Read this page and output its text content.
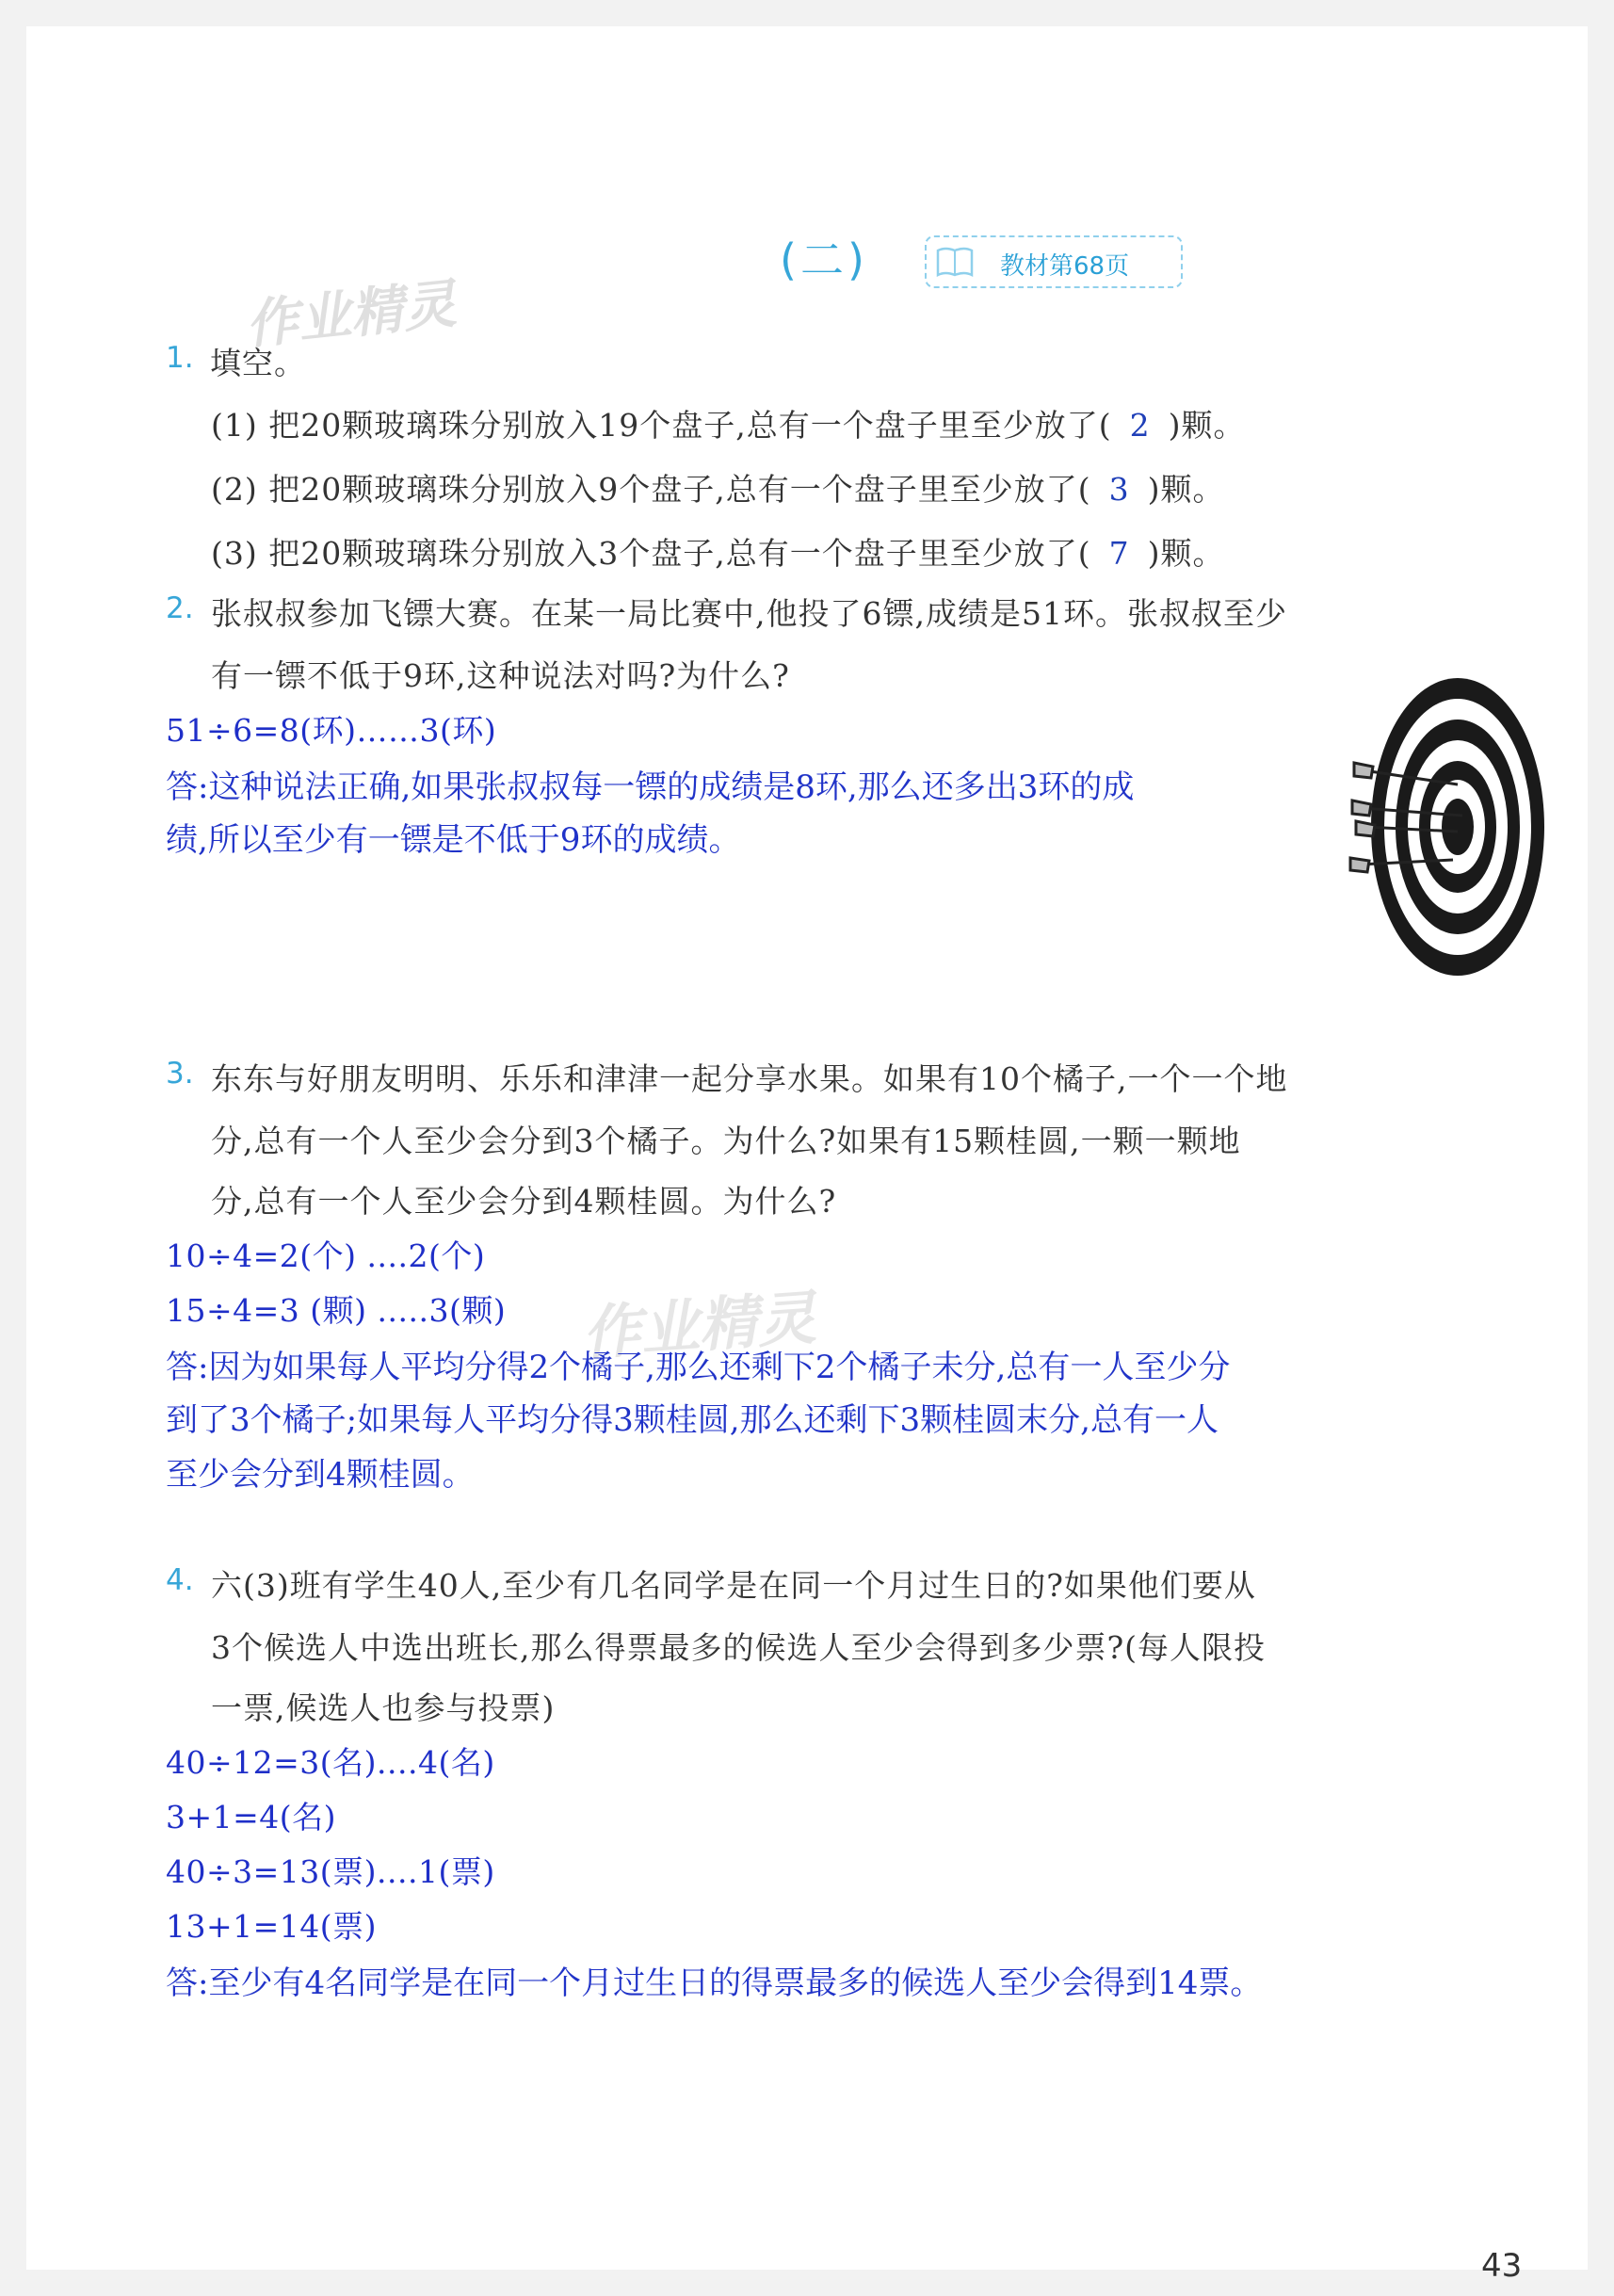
(二)	教材第68页
作业精灵
1. 填空。
(1) 把20颗玻璃珠分别放入19个盘子,总有一个盘子里至少放了( 2 )颗。
(2) 把20颗玻璃珠分别放入9个盘子,总有一个盘子里至少放了( 3 )颗。
(3) 把20颗玻璃珠分别放入3个盘子,总有一个盘子里至少放了( 7 )颗。
2. 张叔叔参加飞镖大赛。在某一局比赛中,他投了6镖,成绩是51环。张叔叔至少
有一镖不低于9环,这种说法对吗?为什么?
51÷6=8(环)……3(环)
答:这种说法正确,如果张叔叔每一镖的成绩是8环,那么还多出3环的成
绩,所以至少有一镖是不低于9环的成绩。
3. 东东与好朋友明明、乐乐和津津一起分享水果。如果有10个橘子,一个一个地
分,总有一个人至少会分到3个橘子。为什么?如果有15颗桂圆,一颗一颗地
分,总有一个人至少会分到4颗桂圆。为什么?
10÷4=2(个) ....2(个)
15÷4=3 (颗) .....3(颗) 作业精灵
答:因为如果每人平均分得2个橘子,那么还剩下2个橘子未分,总有一人至少分
到了3个橘子;如果每人平均分得3颗桂圆,那么还剩下3颗桂圆末分,总有一人
至少会分到4颗桂圆。
4. 六(3)班有学生40人,至少有几名同学是在同一个月过生日的?如果他们要从
3个候选人中选出班长,那么得票最多的候选人至少会得到多少票?(每人限投
一票,候选人也参与投票)
40÷12=3(名)....4(名)
3+1=4(名)
40÷3=13(票)....1(票)
13+1=14(票)
答:至少有4名同学是在同一个月过生日的得票最多的候选人至少会得到14票。
43
